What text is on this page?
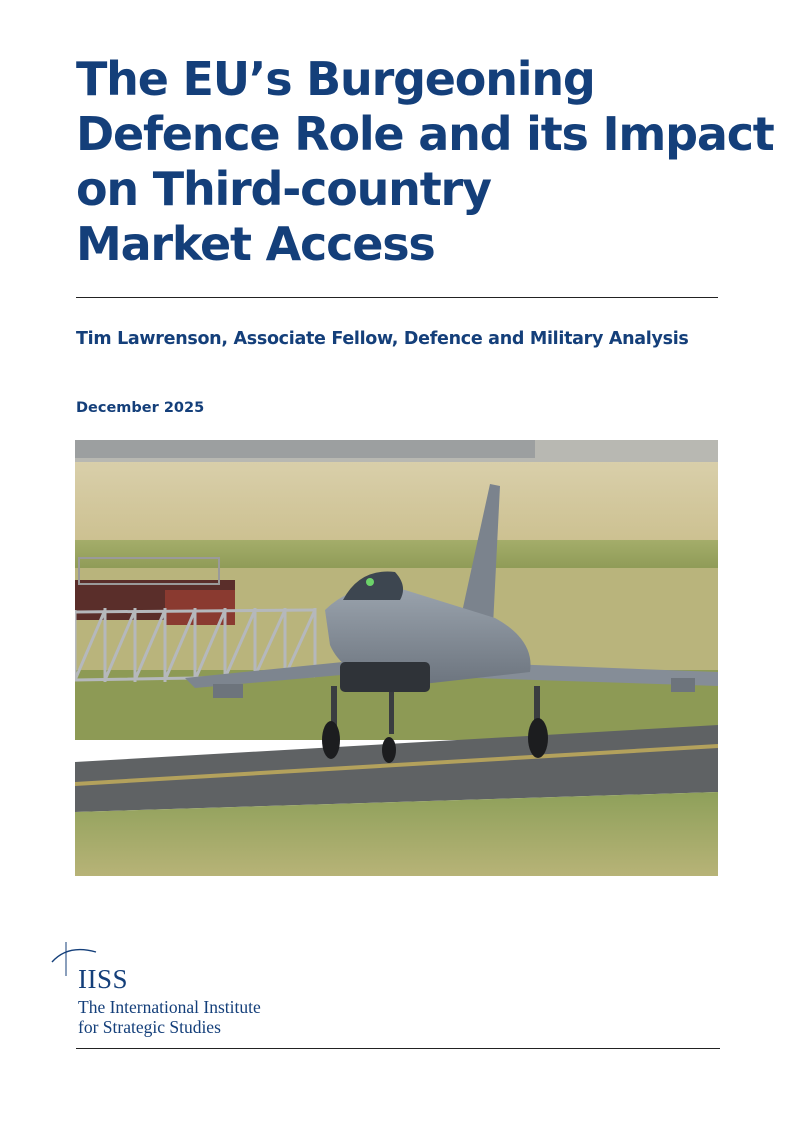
The EU’s Burgeoning
Defence Role and its Impact
on Third-country
Market Access

Tim Lawrenson, Associate Fellow, Defence and Military Analysis

December 2025

IISS
The International Institute
for Strategic Studies
